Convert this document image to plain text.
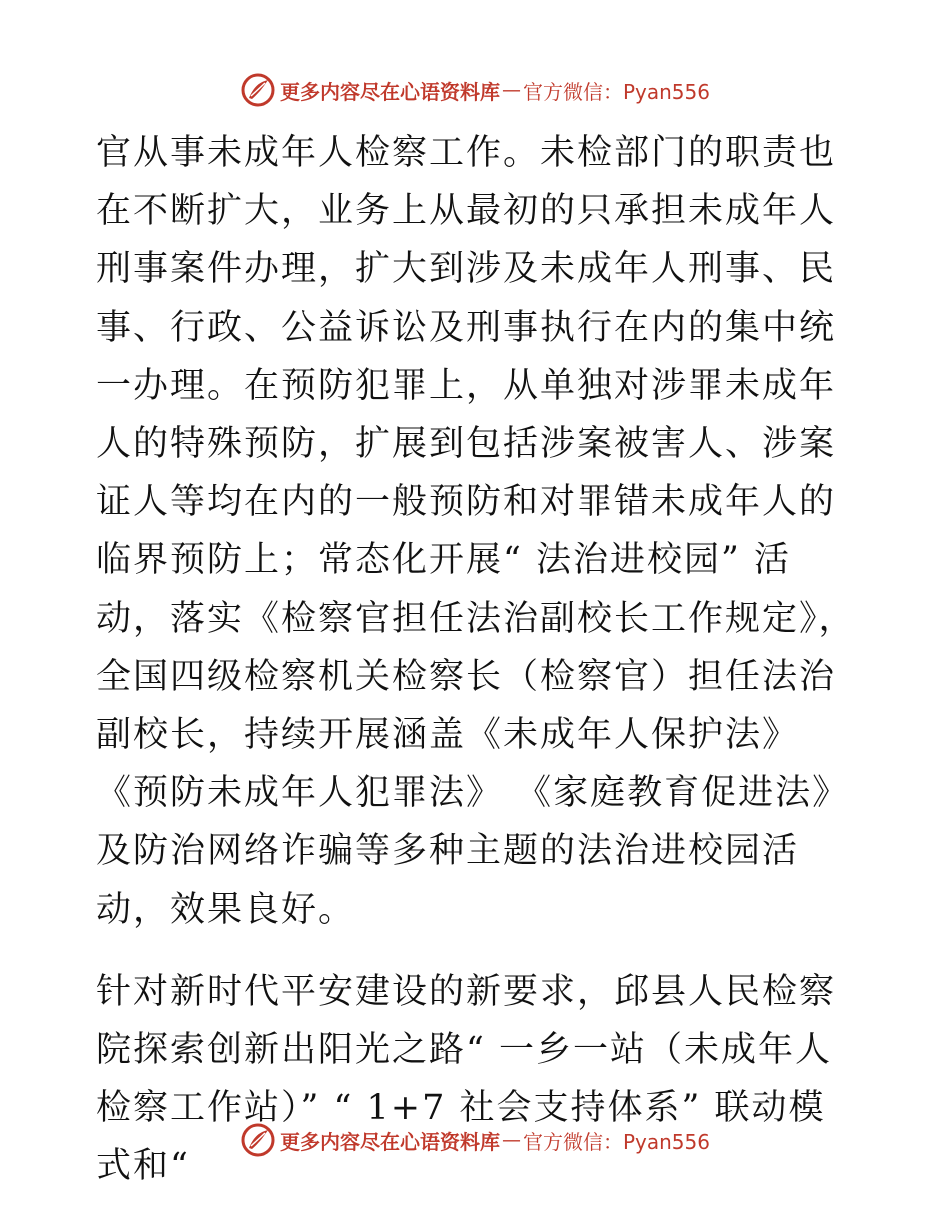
更多内容尽在心语资料库 — 官方微信：Pyan556

官从事未成年人检察工作。未检部门的职责也在不断扩大，业务上从最初的只承担未成年人刑事案件办理，扩大到涉及未成年人刑事、民事、行政、公益诉讼及刑事执行在内的集中统一办理。在预防犯罪上，从单独对涉罪未成年人的特殊预防，扩展到包括涉案被害人、涉案证人等均在内的一般预防和对罪错未成年人的临界预防上；常态化开展“ 法治进校园” 活动，落实《检察官担任法治副校长工作规定》，全国四级检察机关检察长（检察官）担任法治副校长，持续开展涵盖《未成年人保护法》 《预防未成年人犯罪法》 《家庭教育促进法》及防治网络诈骗等多种主题的法治进校园活动，效果良好。

针对新时代平安建设的新要求，邱县人民检察院探索创新出阳光之路“ 一乡一站（未成年人检察工作站）” “ 1+7 社会支持体系” 联动模式和“

更多内容尽在心语资料库 — 官方微信：Pyan556
